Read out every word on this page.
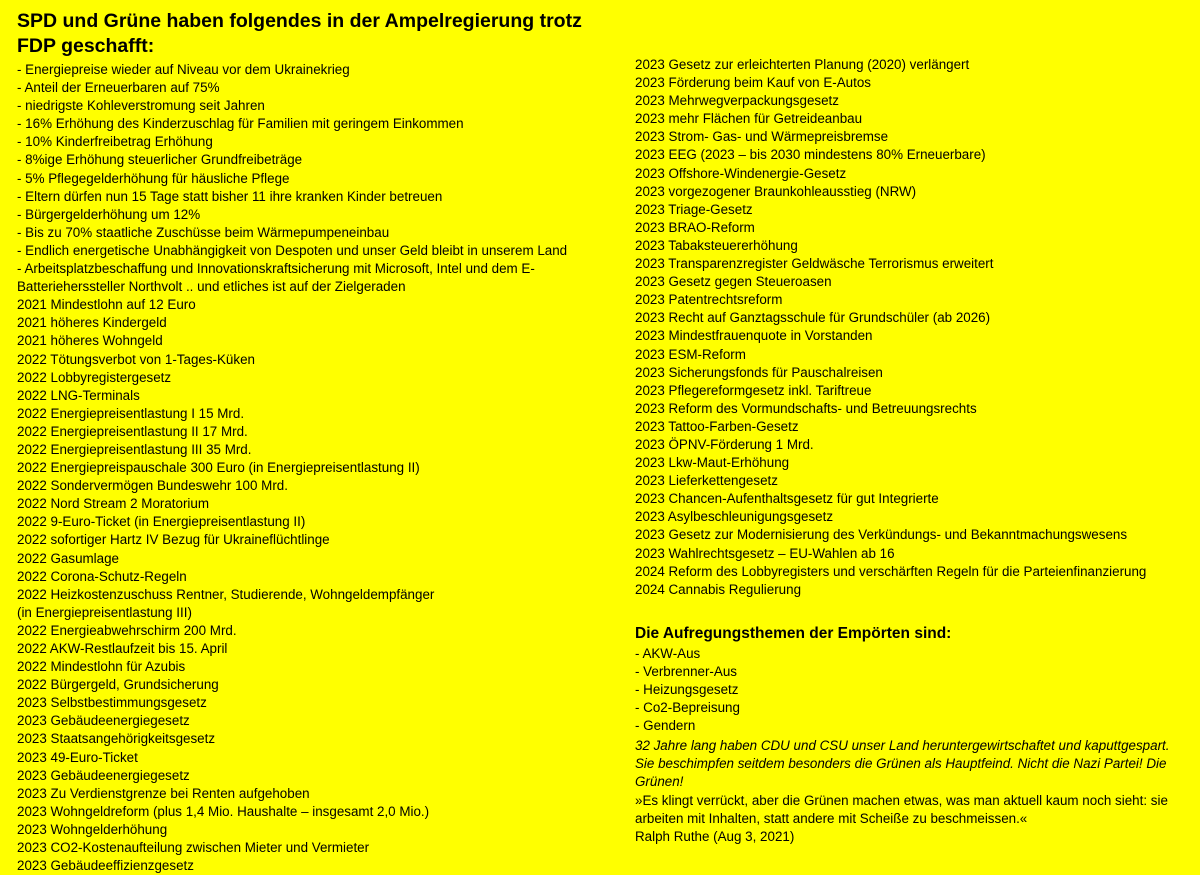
SPD und Grüne haben folgendes in der Ampelregierung trotz FDP geschafft:
- Energiepreise wieder auf Niveau vor dem Ukrainekrieg
- Anteil der Erneuerbaren auf 75%
- niedrigste Kohleverstromung seit Jahren
- 16% Erhöhung des Kinderzuschlag für Familien mit geringem Einkommen
- 10% Kinderfreibetrag Erhöhung
- 8%ige Erhöhung steuerlicher Grundfreibeträge
- 5% Pflegegelderhöhung für häusliche Pflege
- Eltern dürfen nun 15 Tage statt bisher 11 ihre kranken Kinder betreuen
- Bürgergelderhöhung um 12%
- Bis zu 70% staatliche Zuschüsse beim Wärmepumpeneinbau
- Endlich energetische Unabhängigkeit von Despoten und unser Geld bleibt in unserem Land
- Arbeitsplatzbeschaffung und Innovationskraftsicherung mit Microsoft, Intel und dem E-
Batterieherssteller Northvolt .. und etliches ist auf der Zielgeraden
2021 Mindestlohn auf 12 Euro
2021 höheres Kindergeld
2021 höheres Wohngeld
2022 Tötungsverbot von 1-Tages-Küken
2022 Lobbyregistergesetz
2022 LNG-Terminals
2022 Energiepreisentlastung I 15 Mrd.
2022 Energiepreisentlastung II 17 Mrd.
2022 Energiepreisentlastung III 35 Mrd.
2022 Energiepreispauschale 300 Euro (in Energiepreisentlastung II)
2022 Sondervermögen Bundeswehr 100 Mrd.
2022 Nord Stream 2 Moratorium
2022 9-Euro-Ticket (in Energiepreisentlastung II)
2022 sofortiger Hartz IV Bezug für Ukraineflüchtlinge
2022 Gasumlage
2022 Corona-Schutz-Regeln
2022 Heizkostenzuschuss Rentner, Studierende, Wohngeldempfänger
(in Energiepreisentlastung III)
2022 Energieabwehrschirm 200 Mrd.
2022 AKW-Restlaufzeit bis 15. April
2022 Mindestlohn für Azubis
2022 Bürgergeld, Grundsicherung
2023 Selbstbestimmungsgesetz
2023 Gebäudeenergiegesetz
2023 Staatsangehörigkeitsgesetz
2023 49-Euro-Ticket
2023 Gebäudeenergiegesetz
2023 Zu Verdienstgrenze bei Renten aufgehoben
2023 Wohngeldreform (plus 1,4 Mio. Haushalte – insgesamt 2,0 Mio.)
2023 Wohngelderhöhung
2023 CO2-Kostenaufteilung zwischen Mieter und Vermieter
2023 Gebäudeeffizienzgesetz
2023 Gesetz zur erleichterten Planung (2020) verlängert
2023 Förderung beim Kauf von E-Autos
2023 Mehrwegverpackungsgesetz
2023 mehr Flächen für Getreideanbau
2023 Strom- Gas- und Wärmepreisbremse
2023 EEG (2023 – bis 2030 mindestens 80% Erneuerbare)
2023 Offshore-Windenergie-Gesetz
2023 vorgezogener Braunkohleausstieg (NRW)
2023 Triage-Gesetz
2023 BRAO-Reform
2023 Tabaksteuererhöhung
2023 Transparenzregister Geldwäsche Terrorismus erweitert
2023 Gesetz gegen Steueroasen
2023 Patentrechtsreform
2023 Recht auf Ganztagsschule für Grundschüler (ab 2026)
2023 Mindestfrauenquote in Vorstanden
2023 ESM-Reform
2023 Sicherungsfonds für Pauschalreisen
2023 Pflegereformgesetz inkl. Tariftreue
2023 Reform des Vormundschafts- und Betreuungsrechts
2023 Tattoo-Farben-Gesetz
2023 ÖPNV-Förderung 1 Mrd.
2023 Lkw-Maut-Erhöhung
2023 Lieferkettengesetz
2023 Chancen-Aufenthaltsgesetz für gut Integrierte
2023 Asylbeschleunigungsgesetz
2023 Gesetz zur Modernisierung des Verkündungs- und Bekanntmachungswesens
2023 Wahlrechtsgesetz – EU-Wahlen ab 16
2024 Reform des Lobbyregisters und verschärften Regeln für die Parteienfinanzierung
2024 Cannabis Regulierung
Die Aufregungsthemen der Empörten sind:
- AKW-Aus
- Verbrenner-Aus
- Heizungsgesetz
- Co2-Bepreisung
- Gendern

32 Jahre lang haben CDU und CSU unser Land heruntergewirtschaftet und kaputtgespart. Sie beschimpfen seitdem besonders die Grünen als Hauptfeind. Nicht die Nazi Partei! Die Grünen!

»Es klingt verrückt, aber die Grünen machen etwas, was man aktuell kaum noch sieht: sie arbeiten mit Inhalten, statt andere mit Scheiße zu beschmeissen.«

Ralph Ruthe (Aug 3, 2021)
